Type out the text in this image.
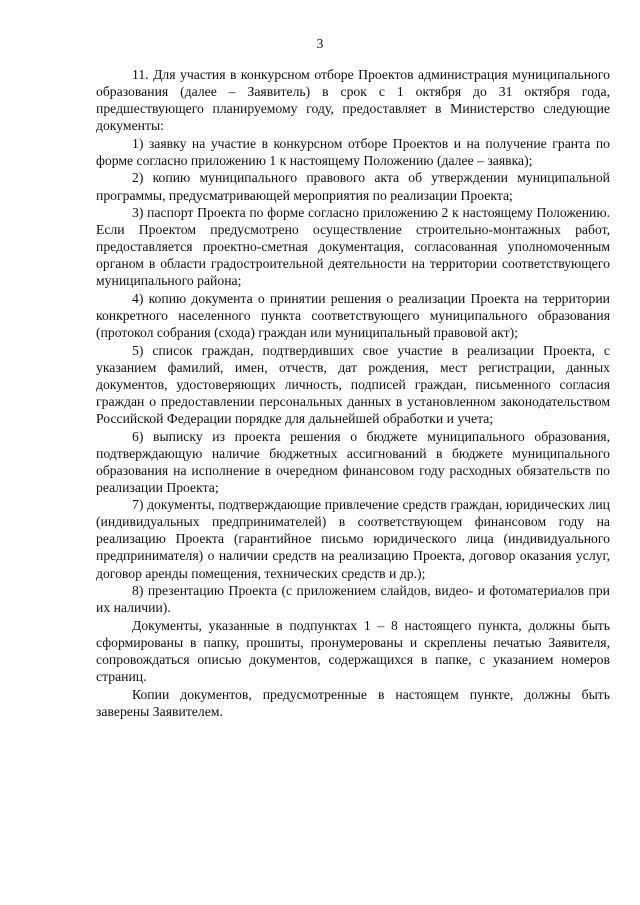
3

11. Для участия в конкурсном отборе Проектов администрация муниципального образования (далее – Заявитель) в срок с 1 октября до 31 октября года, предшествующего планируемому году, предоставляет в Министерство следующие документы:

1) заявку на участие в конкурсном отборе Проектов и на получение гранта по форме согласно приложению 1 к настоящему Положению (далее – заявка);

2) копию муниципального правового акта об утверждении муниципальной программы, предусматривающей мероприятия по реализации Проекта;

3) паспорт Проекта по форме согласно приложению 2 к настоящему Положению. Если Проектом предусмотрено осуществление строительно-монтажных работ, предоставляется проектно-сметная документация, согласованная уполномоченным органом в области градостроительной деятельности на территории соответствующего муниципального района;

4) копию документа о принятии решения о реализации Проекта на территории конкретного населенного пункта соответствующего муниципального образования (протокол собрания (схода) граждан или муниципальный правовой акт);

5) список граждан, подтвердивших свое участие в реализации Проекта, с указанием фамилий, имен, отчеств, дат рождения, мест регистрации, данных документов, удостоверяющих личность, подписей граждан, письменного согласия граждан о предоставлении персональных данных в установленном законодательством Российской Федерации порядке для дальнейшей обработки и учета;

6) выписку из проекта решения о бюджете муниципального образования, подтверждающую наличие бюджетных ассигнований в бюджете муниципального образования на исполнение в очередном финансовом году расходных обязательств по реализации Проекта;

7) документы, подтверждающие привлечение средств граждан, юридических лиц (индивидуальных предпринимателей) в соответствующем финансовом году на реализацию Проекта (гарантийное письмо юридического лица (индивидуального предпринимателя) о наличии средств на реализацию Проекта, договор оказания услуг, договор аренды помещения, технических средств и др.);

8) презентацию Проекта (с приложением слайдов, видео- и фотоматериалов при их наличии).

Документы, указанные в подпунктах 1 – 8 настоящего пункта, должны быть сформированы в папку, прошиты, пронумерованы и скреплены печатью Заявителя, сопровождаться описью документов, содержащихся в папке, с указанием номеров страниц.

Копии документов, предусмотренные в настоящем пункте, должны быть заверены Заявителем.
